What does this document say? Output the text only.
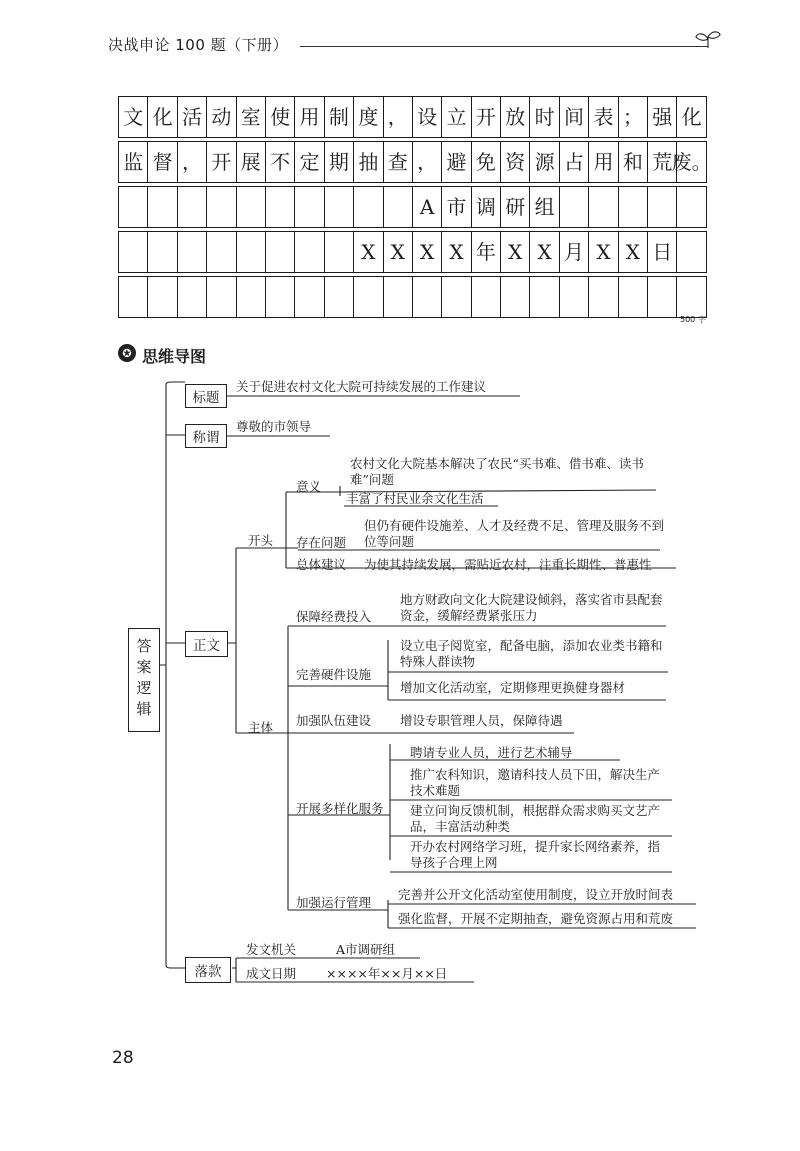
决战申论 100 题（下册）
文 化 活 动 室 使 用 制 度 ， 设 立 开 放 时 间 表 ； 强 化
监 督 ， 开 展 不 定 期 抽 查 ， 避 免 资 源 占 用 和 荒 废。
A 市 调 研 组
X X X X 年 X X 月 X X 日
500 字
✪ 思维导图
答案逻辑
标题
关于促进农村文化大院可持续发展的工作建议
称谓
尊敬的市领导
正文
落款
开头
意义
农村文化大院基本解决了农民“买书难、借书难、读书难”问题
丰富了村民业余文化生活
存在问题
但仍有硬件设施差、人才及经费不足、管理及服务不到位等问题
总体建议 为使其持续发展，需贴近农村，注重长期性、普惠性
主体
保障经费投入
地方财政向文化大院建设倾斜，落实省市县配套资金，缓解经费紧张压力
完善硬件设施
设立电子阅览室，配备电脑，添加农业类书籍和特殊人群读物
增加文化活动室，定期修理更换健身器材
加强队伍建设 增设专职管理人员，保障待遇
开展多样化服务
聘请专业人员，进行艺术辅导
推广农科知识，邀请科技人员下田，解决生产技术难题
建立问询反馈机制，根据群众需求购买文艺产品，丰富活动种类
开办农村网络学习班，提升家长网络素养，指导孩子合理上网
加强运行管理
完善并公开文化活动室使用制度，设立开放时间表
强化监督，开展不定期抽查，避免资源占用和荒废
发文机关	A市调研组
成文日期 ××××年××月××日
28
